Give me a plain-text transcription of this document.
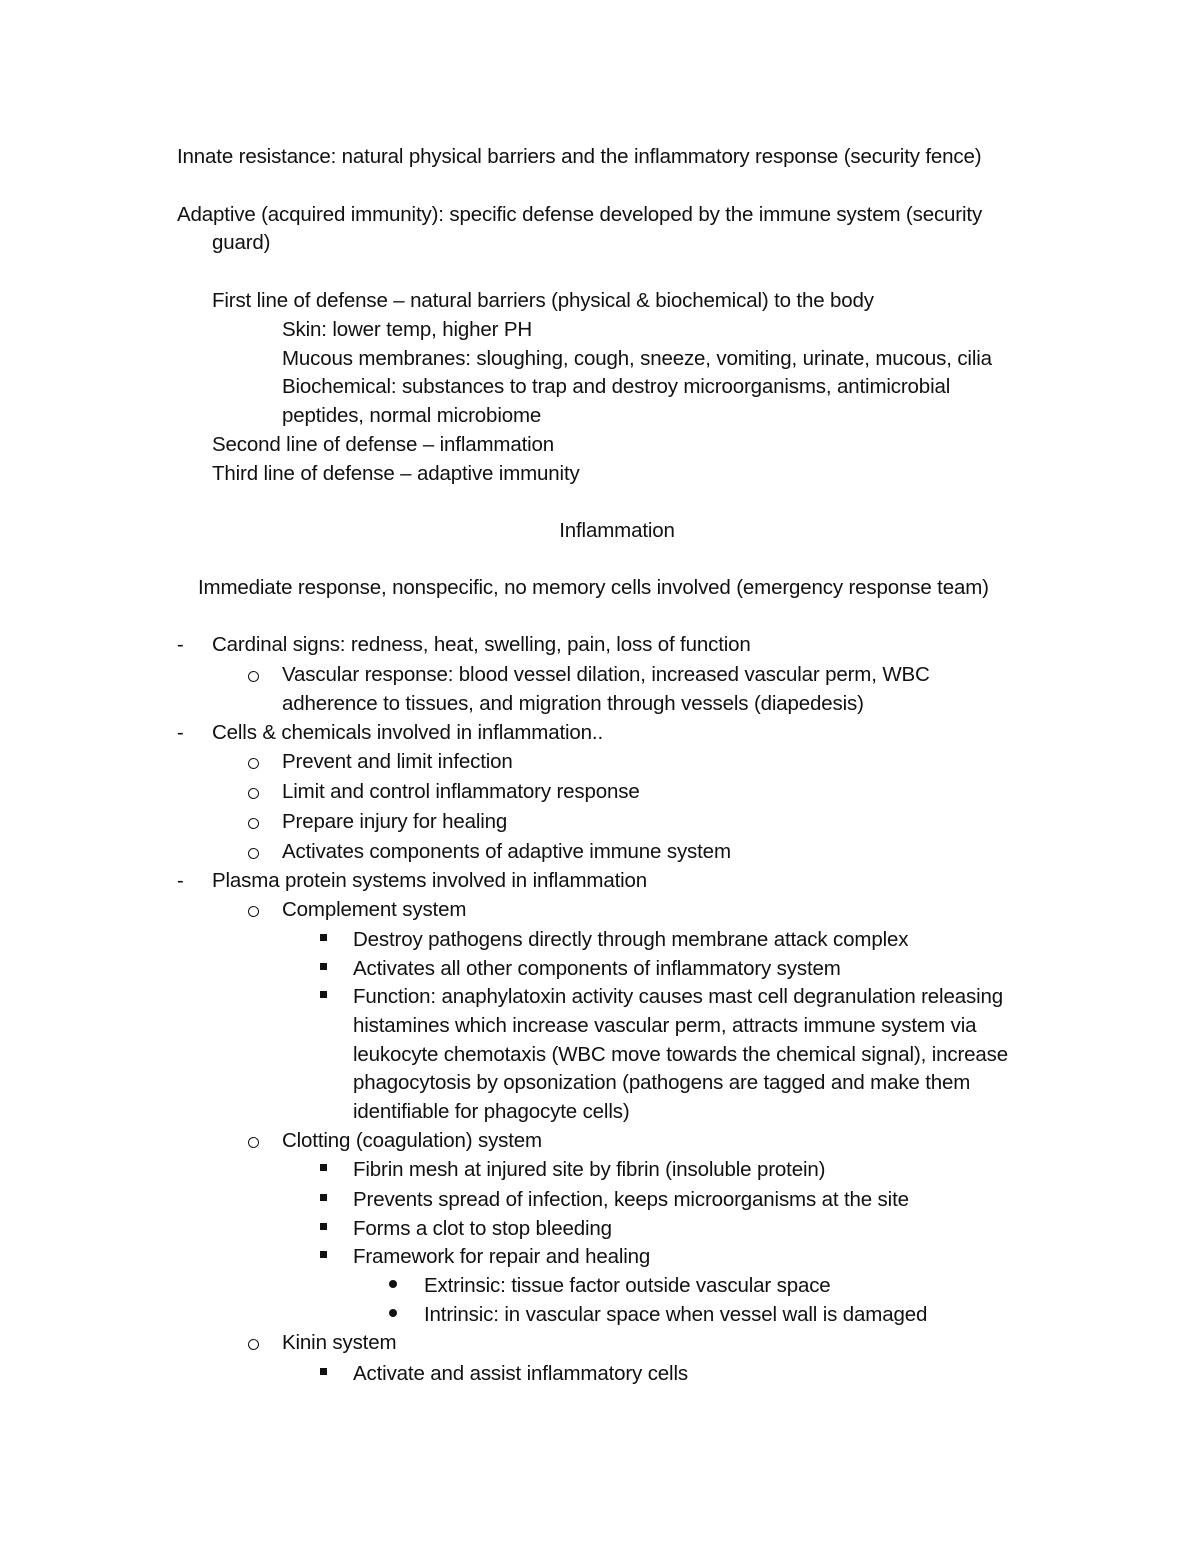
Innate resistance: natural physical barriers and the inflammatory response (security fence)
Adaptive (acquired immunity): specific defense developed by the immune system (security
guard)
First line of defense – natural barriers (physical & biochemical) to the body
Skin: lower temp, higher PH
Mucous membranes: sloughing, cough, sneeze, vomiting, urinate, mucous, cilia
Biochemical: substances to trap and destroy microorganisms, antimicrobial
peptides, normal microbiome
Second line of defense – inflammation
Third line of defense – adaptive immunity
Inflammation
Immediate response, nonspecific, no memory cells involved (emergency response team)
- Cardinal signs: redness, heat, swelling, pain, loss of function
Vascular response: blood vessel dilation, increased vascular perm, WBC
adherence to tissues, and migration through vessels (diapedesis)
- Cells & chemicals involved in inflammation..
Prevent and limit infection
Limit and control inflammatory response
Prepare injury for healing
Activates components of adaptive immune system
- Plasma protein systems involved in inflammation
Complement system
Destroy pathogens directly through membrane attack complex
Activates all other components of inflammatory system
Function: anaphylatoxin activity causes mast cell degranulation releasing
histamines which increase vascular perm, attracts immune system via
leukocyte chemotaxis (WBC move towards the chemical signal), increase
phagocytosis by opsonization (pathogens are tagged and make them
identifiable for phagocyte cells)
Clotting (coagulation) system
Fibrin mesh at injured site by fibrin (insoluble protein)
Prevents spread of infection, keeps microorganisms at the site
Forms a clot to stop bleeding
Framework for repair and healing
Extrinsic: tissue factor outside vascular space
Intrinsic: in vascular space when vessel wall is damaged
Kinin system
Activate and assist inflammatory cells
